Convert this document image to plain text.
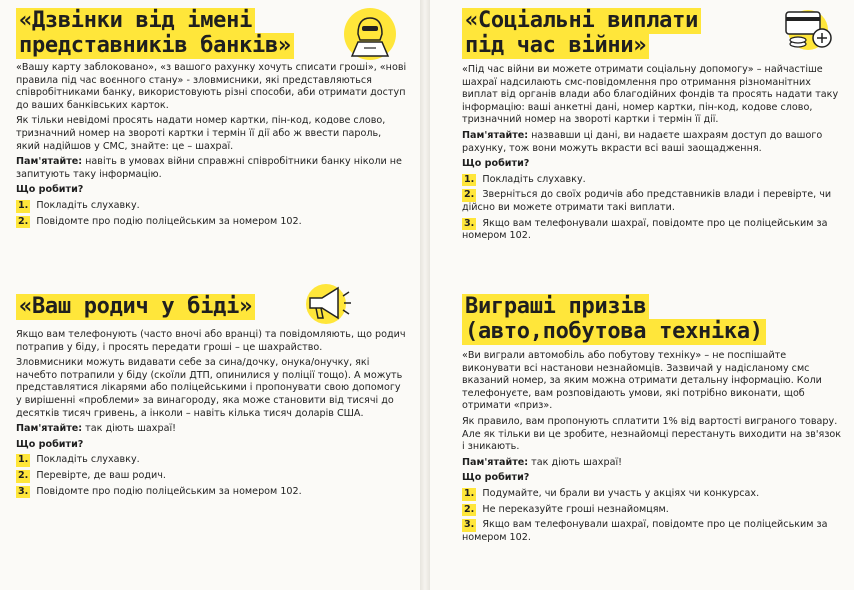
«Дзвінки від імені
представників банків»

«Вашу карту заблоковано», «з вашого рахунку хочуть списати гроші», «нові правила під час воєнного стану» - зловмисники, які представляються співробітниками банку, використовують різні способи, аби отримати доступ до ваших банківських карток.

Як тільки невідомі просять надати номер картки, пін-код, кодове слово, тризначний номер на звороті картки і термін її дії або ж ввести пароль, який надійшов у СМС, знайте: це – шахраї.

Пам'ятайте: навіть в умовах війни справжні співробітники банку ніколи не запитують таку інформацію.

Що робити?

1. Покладіть слухавку.
2. Повідомте про подію поліцейським за номером 102.
«Ваш родич у біді»

Якщо вам телефонують (часто вночі або вранці) та повідомляють, що родич потрапив у біду, і просять передати гроші – це шахрайство.

Зловмисники можуть видавати себе за сина/дочку, онука/онучку, які начебто потрапили у біду (скоїли ДТП, опинилися у поліції тощо). А можуть представлятися лікарями або поліцейськими і пропонувати свою допомогу у вирішенні «проблеми» за винагороду, яка може становити від тисячі до десятків тисяч гривень, а інколи – навіть кілька тисяч доларів США.

Пам'ятайте: так діють шахраї!

Що робити?

1. Покладіть слухавку.
2. Перевірте, де ваш родич.
3. Повідомте про подію поліцейським за номером 102.
«Соціальні виплати
під час війни»

«Під час війни ви можете отримати соціальну допомогу» – найчастіше шахраї надсилають смс-повідомлення про отримання різноманітних виплат від органів влади або благодійних фондів та просять надати таку інформацію: ваші анкетні дані, номер картки, пін-код, кодове слово, тризначний номер на звороті картки і термін її дії.

Пам'ятайте: назвавши ці дані, ви надаєте шахраям доступ до вашого рахунку, тож вони можуть вкрасти всі ваші заощадження.

Що робити?

1. Покладіть слухавку.
2. Зверніться до своїх родичів або представників влади і перевірте, чи дійсно ви можете отримати такі виплати.
3. Якщо вам телефонували шахраї, повідомте про це поліцейським за номером 102.
Виграші призів
(авто,побутова техніка)

«Ви виграли автомобіль або побутову техніку» – не поспішайте виконувати всі настанови незнайомців. Зазвичай у надісланому смс вказаний номер, за яким можна отримати детальну інформацію. Коли телефонуєте, вам розповідають умови, які потрібно виконати, щоб отримати «приз».

Як правило, вам пропонують сплатити 1% від вартості виграного товару. Але як тільки ви це зробите, незнайомці перестануть виходити на зв'язок і зникають.

Пам'ятайте: так діють шахраї!

Що робити?

1. Подумайте, чи брали ви участь у акціях чи конкурсах.
2. Не переказуйте гроші незнайомцям.
3. Якщо вам телефонували шахраї, повідомте про це поліцейським за номером 102.
